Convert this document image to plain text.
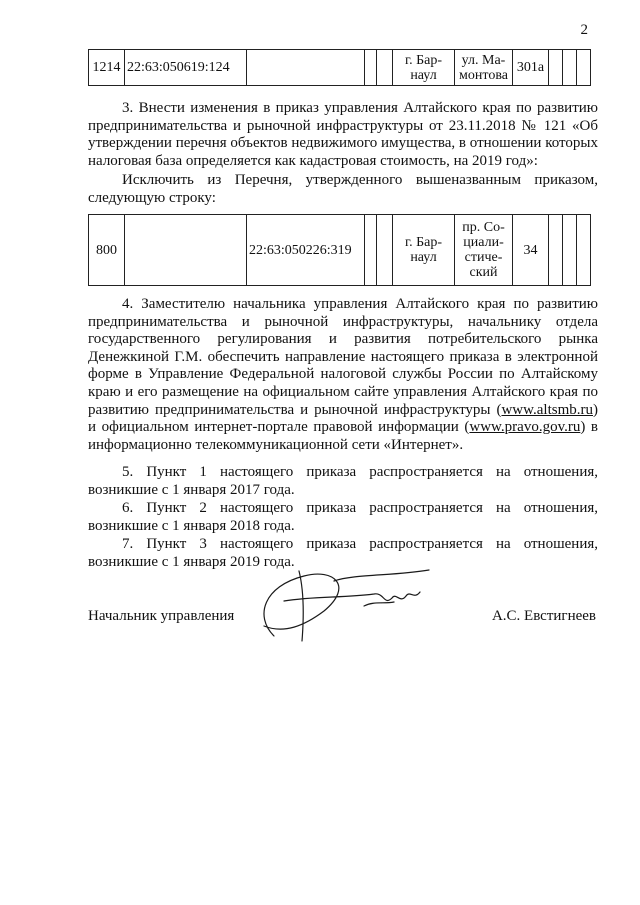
2
1214	22:63:050619:124				г. Бар-наул	ул. Ма-монтова	301а			

3. Внести изменения в приказ управления Алтайского края по развитию предпринимательства и рыночной инфраструктуры от 23.11.2018 № 121 «Об утверждении перечня объектов недвижимого имущества, в отношении которых налоговая база определяется как кадастровая стоимость, на 2019 год»:

Исключить из Перечня, утвержденного вышеназванным приказом, следующую строку:

800		22:63:050226:319			г. Бар-наул	пр. Со-циали-стиче-ский	34			

4. Заместителю начальника управления Алтайского края по развитию предпринимательства и рыночной инфраструктуры, начальнику отдела государственного регулирования и развития потребительского рынка Денежкиной Г.М. обеспечить направление настоящего приказа в электронной форме в Управление Федеральной налоговой службы России по Алтайскому краю и его размещение на официальном сайте управления Алтайского края по развитию предпринимательства и рыночной инфраструктуры (www.altsmb.ru) и официальном интернет-портале правовой информации (www.pravo.gov.ru) в информационно телекоммуникационной сети «Интернет».

5. Пункт 1 настоящего приказа распространяется на отношения, возникшие с 1 января 2017 года.

6. Пункт 2 настоящего приказа распространяется на отношения, возникшие с 1 января 2018 года.

7. Пункт 3 настоящего приказа распространяется на отношения, возникшие с 1 января 2019 года.

Начальник управления	А.С. Евстигнеев
